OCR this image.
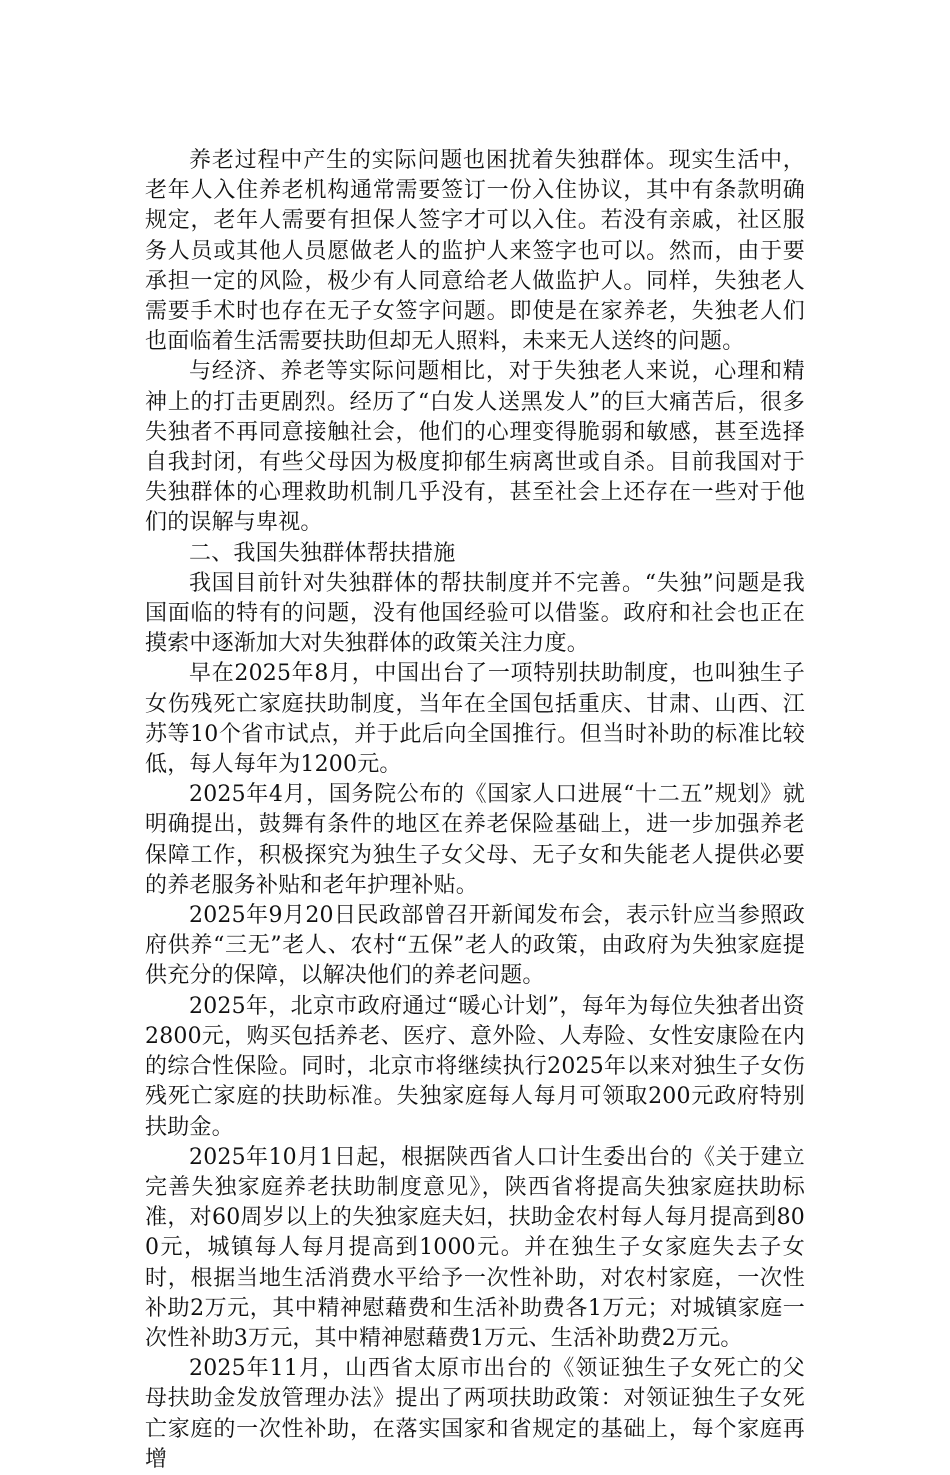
养老过程中产生的实际问题也困扰着失独群体。现实生活中，老年人入住养老机构通常需要签订一份入住协议，其中有条款明确规定，老年人需要有担保人签字才可以入住。若没有亲戚，社区服务人员或其他人员愿做老人的监护人来签字也可以。然而，由于要承担一定的风险，极少有人同意给老人做监护人。同样，失独老人需要手术时也存在无子女签字问题。即使是在家养老，失独老人们也面临着生活需要扶助但却无人照料，未来无人送终的问题。

与经济、养老等实际问题相比，对于失独老人来说，心理和精神上的打击更剧烈。经历了“白发人送黑发人”的巨大痛苦后，很多失独者不再同意接触社会，他们的心理变得脆弱和敏感，甚至选择自我封闭，有些父母因为极度抑郁生病离世或自杀。目前我国对于失独群体的心理救助机制几乎没有，甚至社会上还存在一些对于他们的误解与卑视。

二、我国失独群体帮扶措施

我国目前针对失独群体的帮扶制度并不完善。“失独”问题是我国面临的特有的问题，没有他国经验可以借鉴。政府和社会也正在摸索中逐渐加大对失独群体的政策关注力度。

早在2025年8月，中国出台了一项特别扶助制度，也叫独生子女伤残死亡家庭扶助制度，当年在全国包括重庆、甘肃、山西、江苏等10个省市试点，并于此后向全国推行。但当时补助的标准比较低，每人每年为1200元。

2025年4月，国务院公布的《国家人口进展“十二五”规划》就明确提出，鼓舞有条件的地区在养老保险基础上，进一步加强养老保障工作，积极探究为独生子女父母、无子女和失能老人提供必要的养老服务补贴和老年护理补贴。

2025年9月20日民政部曾召开新闻发布会，表示针应当参照政府供养“三无”老人、农村“五保”老人的政策，由政府为失独家庭提供充分的保障，以解决他们的养老问题。

2025年，北京市政府通过“暖心计划”，每年为每位失独者出资2800元，购买包括养老、医疗、意外险、人寿险、女性安康险在内的综合性保险。同时，北京市将继续执行2025年以来对独生子女伤残死亡家庭的扶助标准。失独家庭每人每月可领取200元政府特别扶助金。

2025年10月1日起，根据陕西省人口计生委出台的《关于建立完善失独家庭养老扶助制度意见》，陕西省将提高失独家庭扶助标准，对60周岁以上的失独家庭夫妇，扶助金农村每人每月提高到800元，城镇每人每月提高到1000元。并在独生子女家庭失去子女时，根据当地生活消费水平给予一次性补助，对农村家庭，一次性补助2万元，其中精神慰藉费和生活补助费各1万元；对城镇家庭一次性补助3万元，其中精神慰藉费1万元、生活补助费2万元。

2025年11月，山西省太原市出台的《领证独生子女死亡的父母扶助金发放管理办法》提出了两项扶助政策：对领证独生子女死亡家庭的一次性补助，在落实国家和省规定的基础上，每个家庭再增
